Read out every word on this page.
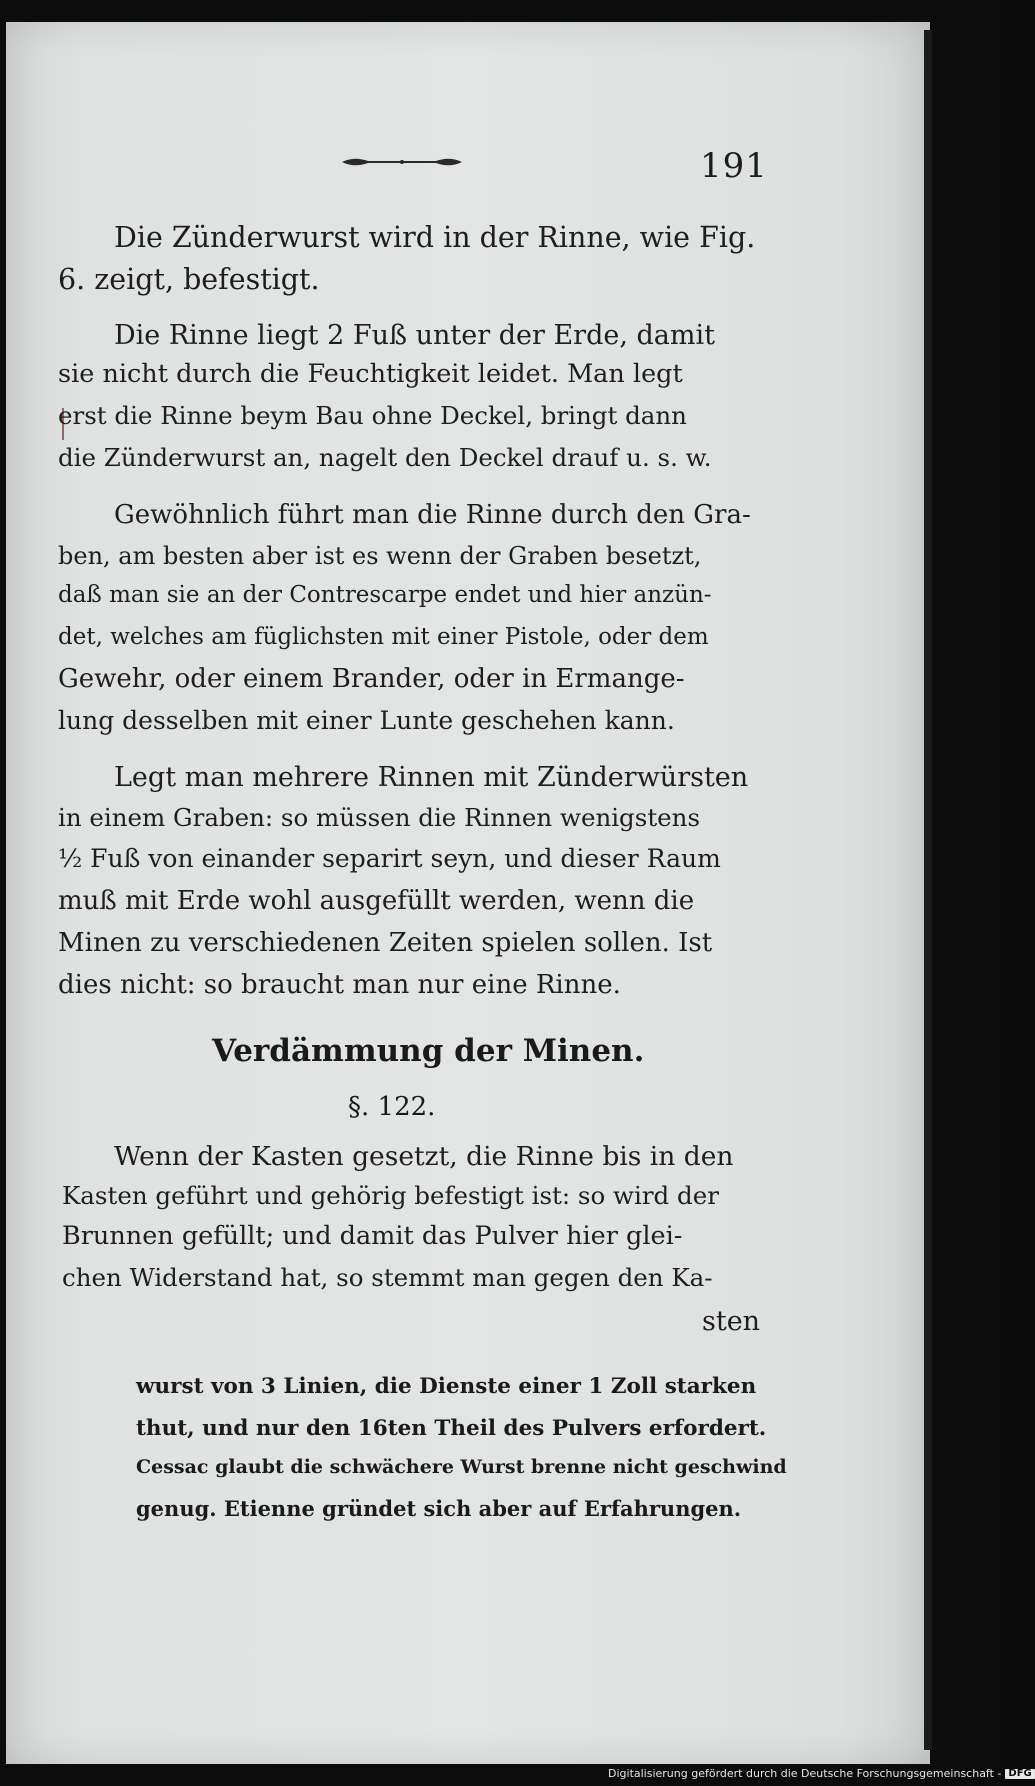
191
Die Zünderwurst wird in der Rinne, wie Fig.
6. zeigt, befestigt.
Die Rinne liegt 2 Fuß unter der Erde, damit
sie nicht durch die Feuchtigkeit leidet. Man legt
erst die Rinne beym Bau ohne Deckel, bringt dann
die Zünderwurst an, nagelt den Deckel drauf u. s. w.
Gewöhnlich führt man die Rinne durch den Gra-
ben, am besten aber ist es wenn der Graben besetzt,
daß man sie an der Contrescarpe endet und hier anzün-
det, welches am füglichsten mit einer Pistole, oder dem
Gewehr, oder einem Brander, oder in Ermange-
lung desselben mit einer Lunte geschehen kann.
Legt man mehrere Rinnen mit Zünderwürsten
in einem Graben: so müssen die Rinnen wenigstens
½ Fuß von einander separirt seyn, und dieser Raum
muß mit Erde wohl ausgefüllt werden, wenn die
Minen zu verschiedenen Zeiten spielen sollen. Ist
dies nicht: so braucht man nur eine Rinne.
Verdämmung der Minen.
§. 122.
Wenn der Kasten gesetzt, die Rinne bis in den
Kasten geführt und gehörig befestigt ist: so wird der
Brunnen gefüllt; und damit das Pulver hier glei-
chen Widerstand hat, so stemmt man gegen den Ka-
sten
wurst von 3 Linien, die Dienste einer 1 Zoll starken
thut, und nur den 16ten Theil des Pulvers erfordert.
Cessac glaubt die schwächere Wurst brenne nicht geschwind
genug. Etienne gründet sich aber auf Erfahrungen.
Digitalisierung gefördert durch die Deutsche Forschungsgemeinschaft - DFG
